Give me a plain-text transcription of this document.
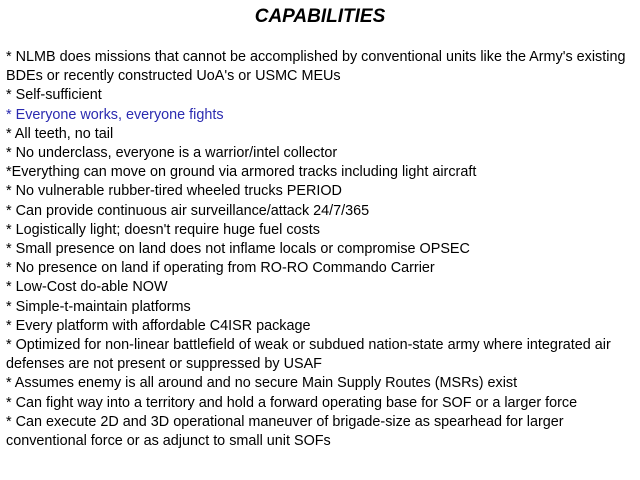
CAPABILITIES
* NLMB does missions that cannot be accomplished by conventional units like the Army's existing BDEs or recently constructed UoA's or USMC MEUs
* Self-sufficient
* Everyone works, everyone fights
* All teeth, no tail
* No underclass, everyone is a warrior/intel collector
*Everything can move on ground via armored tracks including light aircraft
* No vulnerable rubber-tired wheeled trucks PERIOD
* Can provide continuous air surveillance/attack 24/7/365
* Logistically light; doesn't require huge fuel costs
* Small presence on land does not inflame locals or compromise OPSEC
* No presence on land if operating from RO-RO Commando Carrier
* Low-Cost do-able NOW
* Simple-t-maintain platforms
* Every platform with affordable C4ISR package
* Optimized for non-linear battlefield of weak or subdued nation-state army where integrated air defenses are not present or suppressed by USAF
* Assumes enemy is all around and no secure Main Supply Routes (MSRs) exist
* Can fight way into a territory and hold a forward operating base for SOF or a larger force
* Can execute 2D and 3D operational maneuver of brigade-size as spearhead for larger conventional force or as adjunct to small unit SOFs
